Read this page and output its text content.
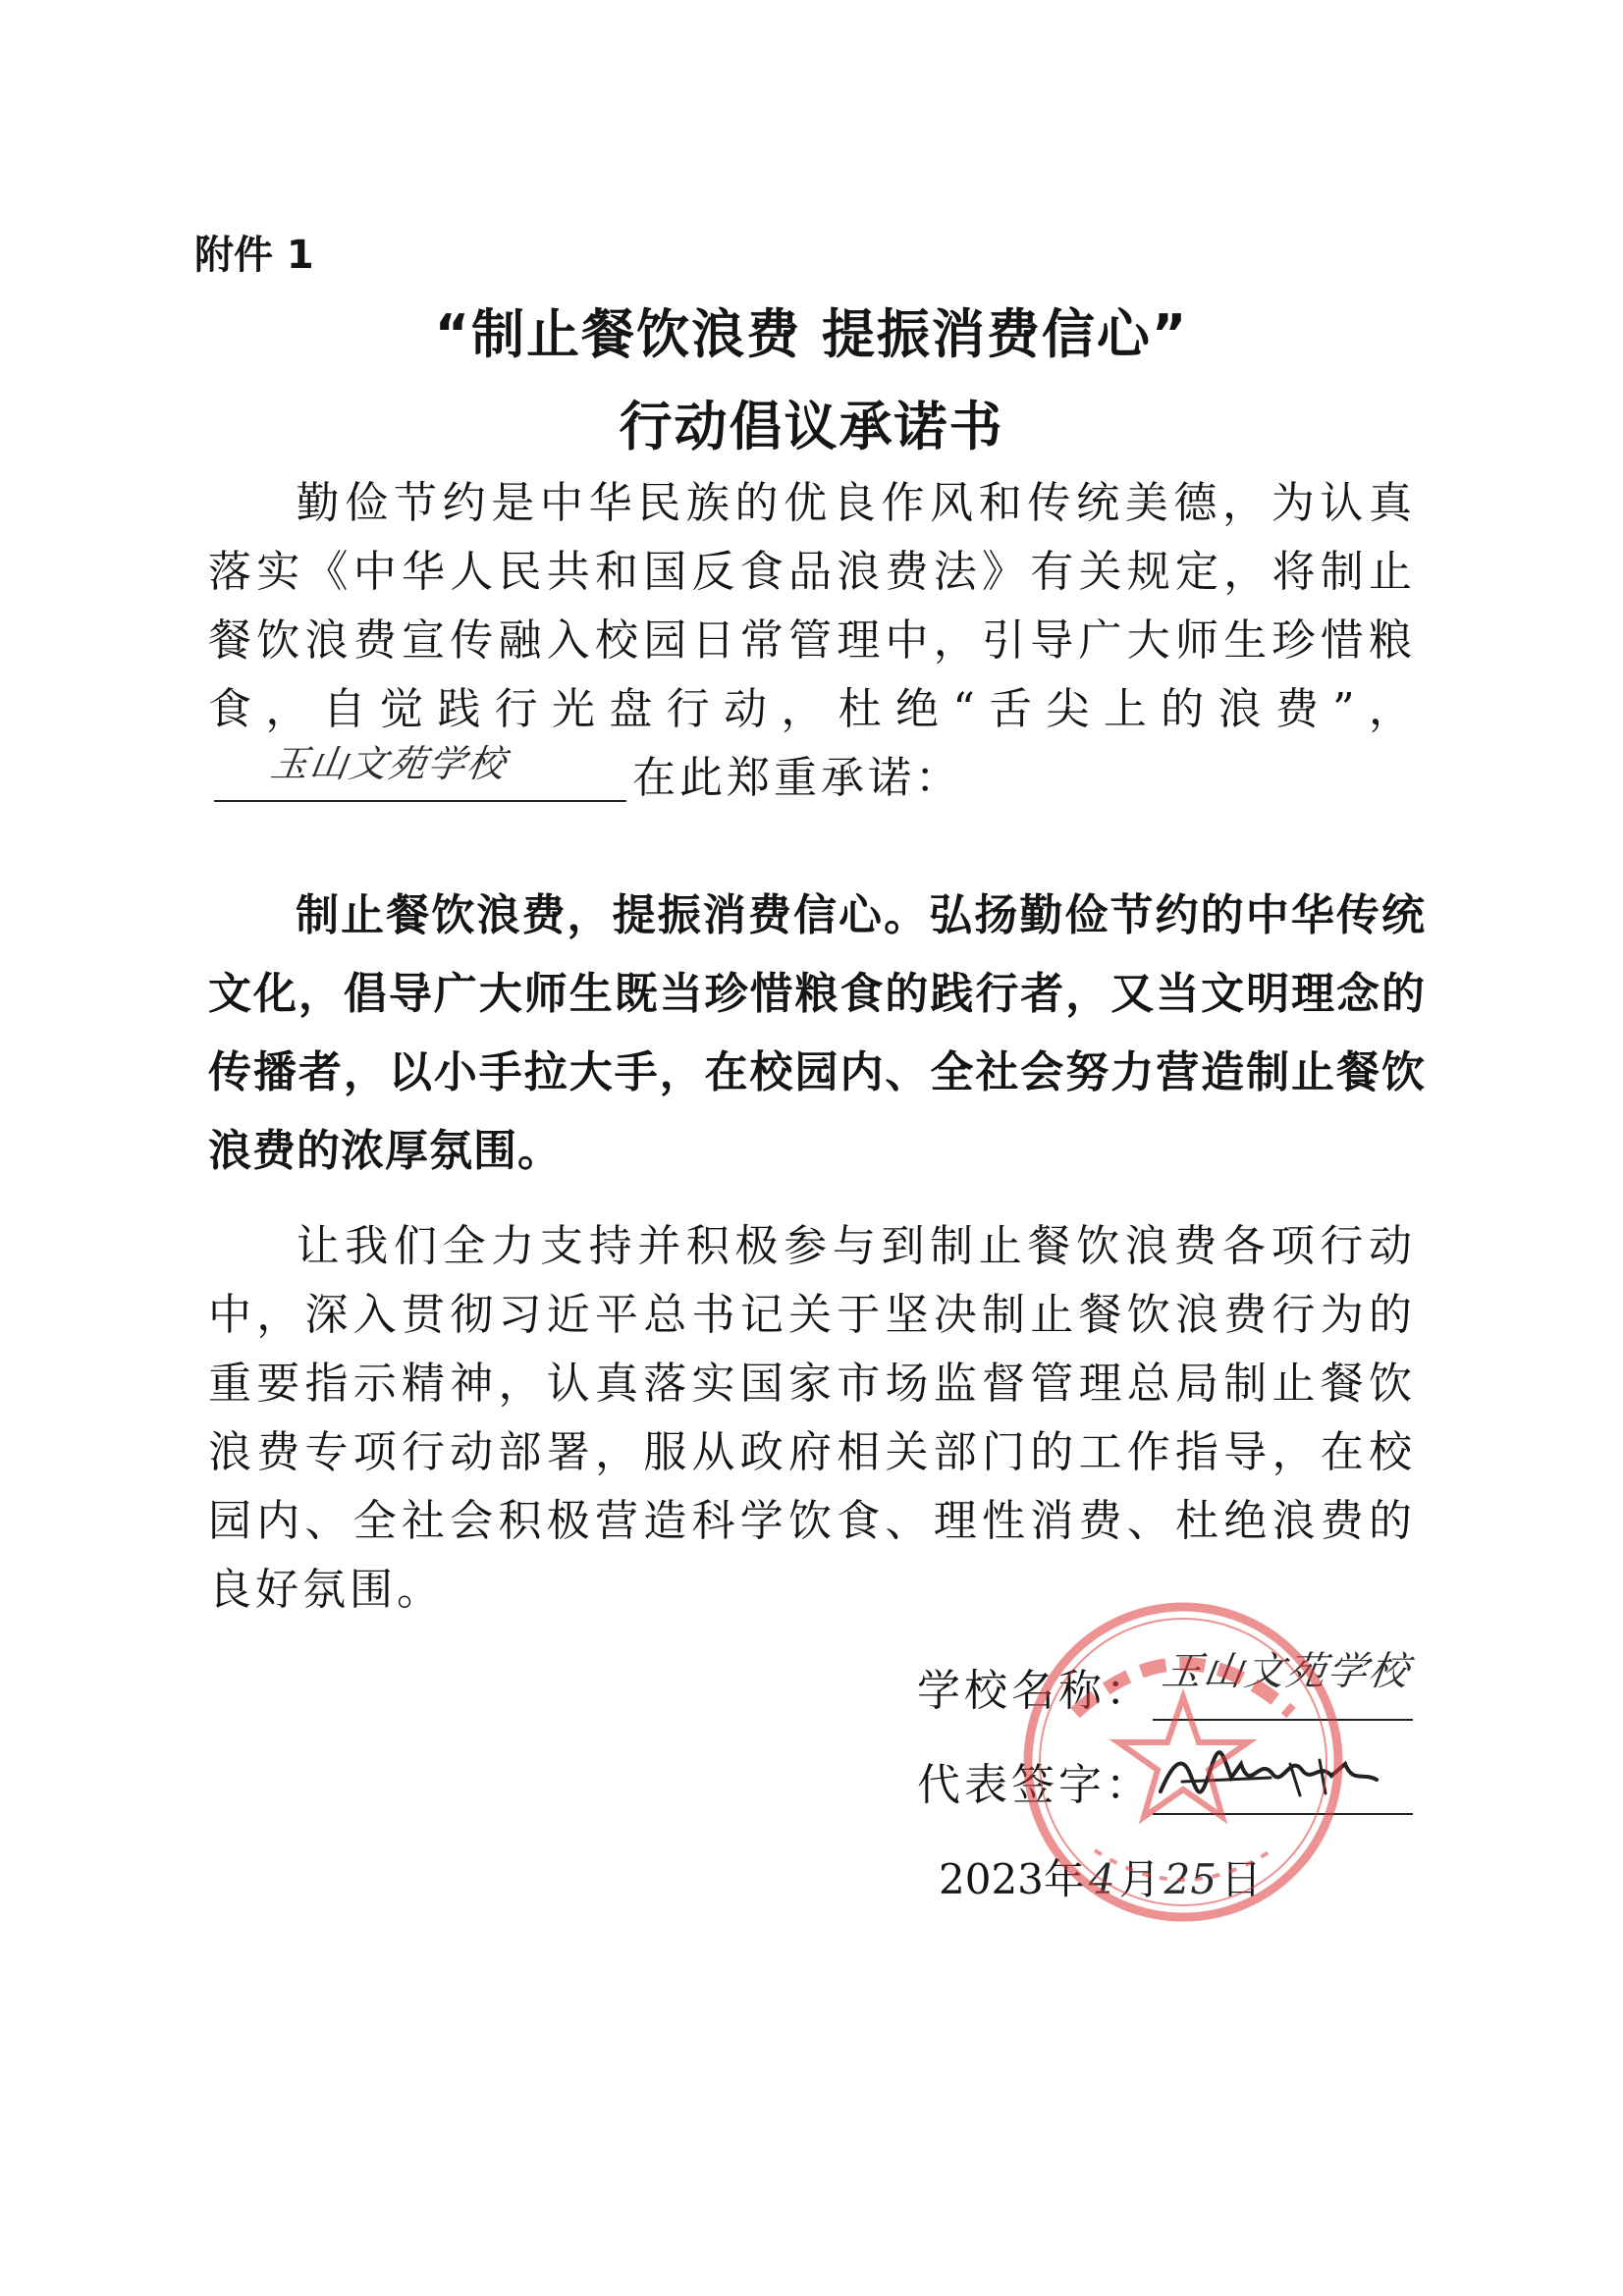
附件 1
“制止餐饮浪费 提振消费信心”
行动倡议承诺书

勤俭节约是中华民族的优良作风和传统美德，为认真落实《中华人民共和国反食品浪费法》有关规定，将制止餐饮浪费宣传融入校园日常管理中，引导广大师生珍惜粮食，自觉践行光盘行动，杜绝“舌尖上的浪费”，
玉山文苑学校	在此郑重承诺：

制止餐饮浪费，提振消费信心。弘扬勤俭节约的中华传统文化，倡导广大师生既当珍惜粮食的践行者，又当文明理念的传播者，以小手拉大手，在校园内、全社会努力营造制止餐饮浪费的浓厚氛围。

让我们全力支持并积极参与到制止餐饮浪费各项行动中，深入贯彻习近平总书记关于坚决制止餐饮浪费行为的重要指示精神，认真落实国家市场监督管理总局制止餐饮浪费专项行动部署，服从政府相关部门的工作指导，在校园内、全社会积极营造科学饮食、理性消费、杜绝浪费的良好氛围。

学校名称： 玉山文苑学校
代表签字：
2023年4月25日
